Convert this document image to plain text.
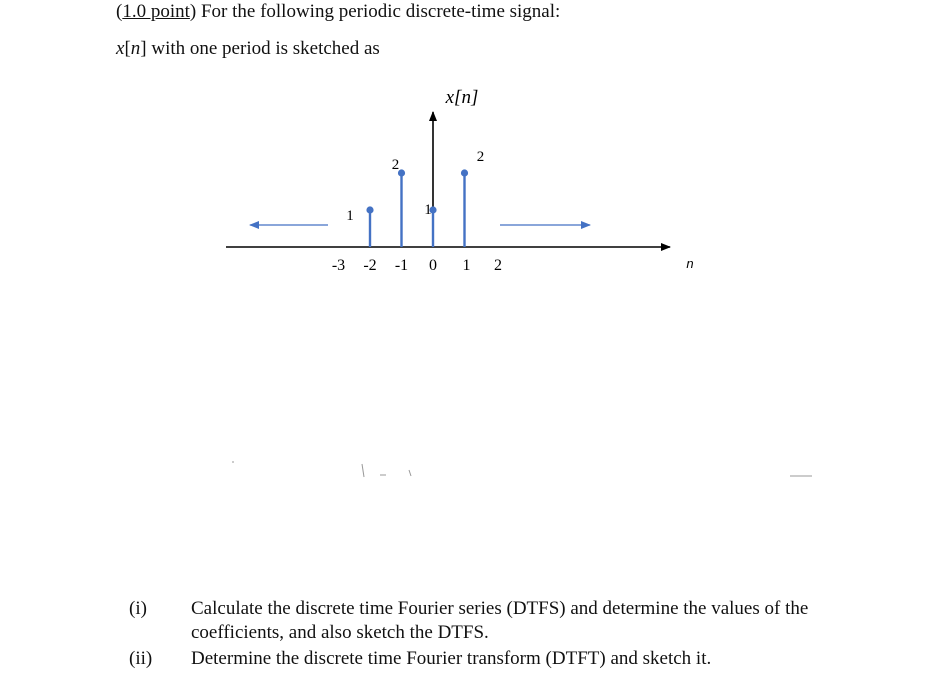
(1.0 point) For the following periodic discrete-time signal:
x[n] with one period is sketched as
x[n]
n
-3 -2 -1 0 1 2
1
2
1
2
(i) Calculate the discrete time Fourier series (DTFS) and determine the values of the coefficients, and also sketch the DTFS.
(ii) Determine the discrete time Fourier transform (DTFT) and sketch it.
